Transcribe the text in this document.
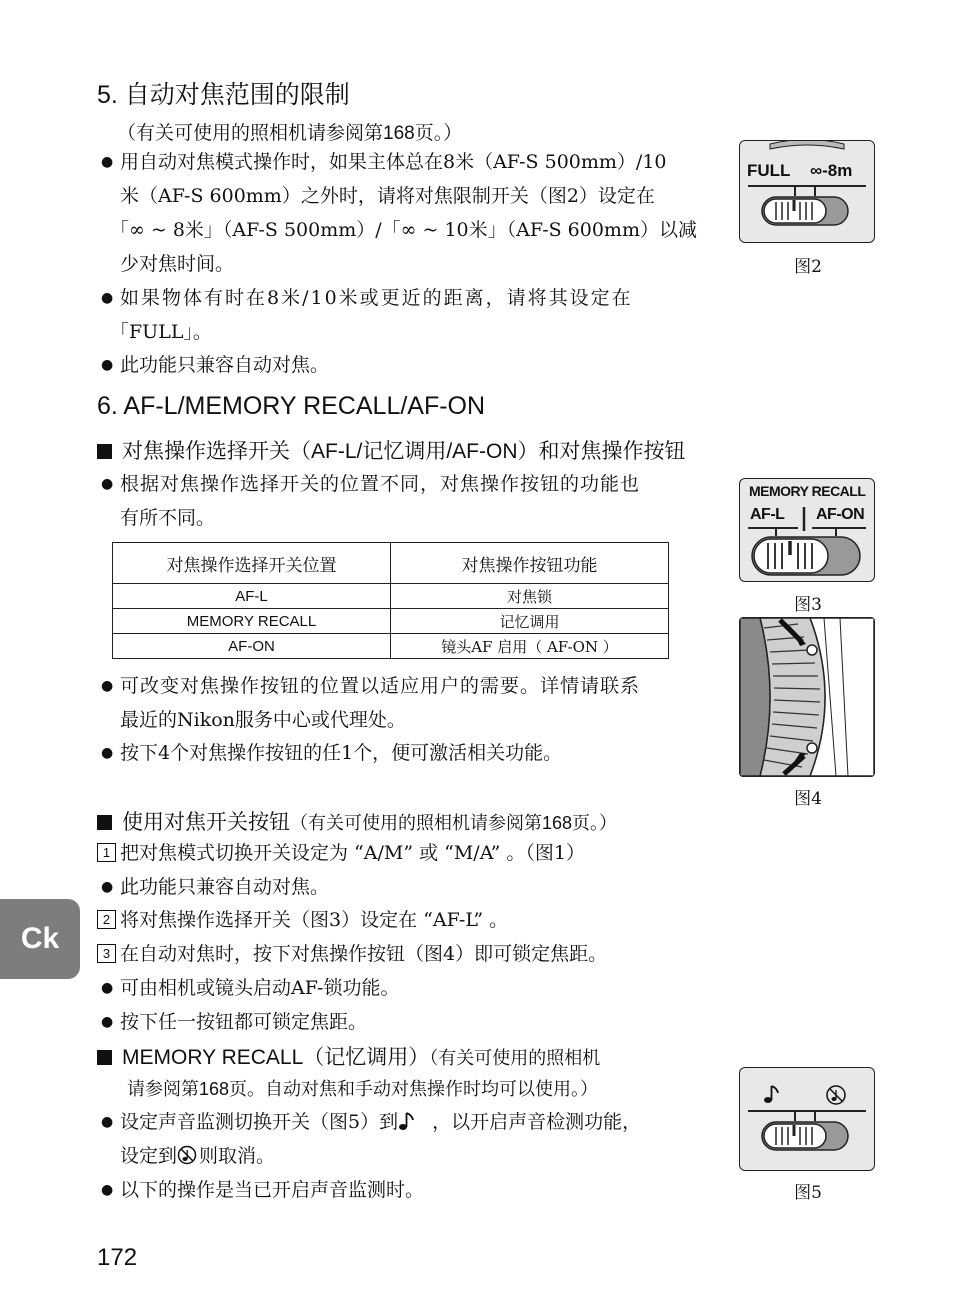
5. 自动对焦范围的限制
（有关可使用的照相机请参阅第168页。）
● 用自动对焦模式操作时，如果主体总在8米（AF-S 500mm）/10
米（AF-S 600mm）之外时，请将对焦限制开关（图2）设定在
「∞ ~ 8米」（AF-S 500mm）/「∞ ~ 10米」（AF-S 600mm）以减
少对焦时间。
● 如果物体有时在8米/10米或更近的距离，请将其设定在
「FULL」。
● 此功能只兼容自动对焦。
FULL ∞-8m
图2
6. AF-L/MEMORY RECALL/AF-ON
对焦操作选择开关（AF-L/记忆调用/AF-ON）和对焦操作按钮
● 根据对焦操作选择开关的位置不同，对焦操作按钮的功能也
有所不同。
对焦操作选择开关位置	对焦操作按钮功能
AF-L	对焦锁
MEMORY RECALL	记忆调用
AF-ON	镜头AF 启用（ AF-ON ）
MEMORY RECALL
AF-L AF-ON
图3
图4
● 可改变对焦操作按钮的位置以适应用户的需要。详情请联系
最近的Nikon服务中心或代理处。
● 按下4个对焦操作按钮的任1个，便可激活相关功能。
使用对焦开关按钮（有关可使用的照相机请参阅第168页。）
1 把对焦模式切换开关设定为 “A/M” 或 “M/A” 。（图1）
● 此功能只兼容自动对焦。
2 将对焦操作选择开关（图3）设定在 “AF-L” 。
3 在自动对焦时，按下对焦操作按钮（图4）即可锁定焦距。
● 可由相机或镜头启动AF-锁功能。
● 按下任一按钮都可锁定焦距。
MEMORY RECALL（记忆调用）（有关可使用的照相机
请参阅第168页。自动对焦和手动对焦操作时均可以使用。）
● 设定声音监测切换开关（图5）到 ，以开启声音检测功能，
设定到 则取消。
● 以下的操作是当已开启声音监测时。	图5
Ck
172
